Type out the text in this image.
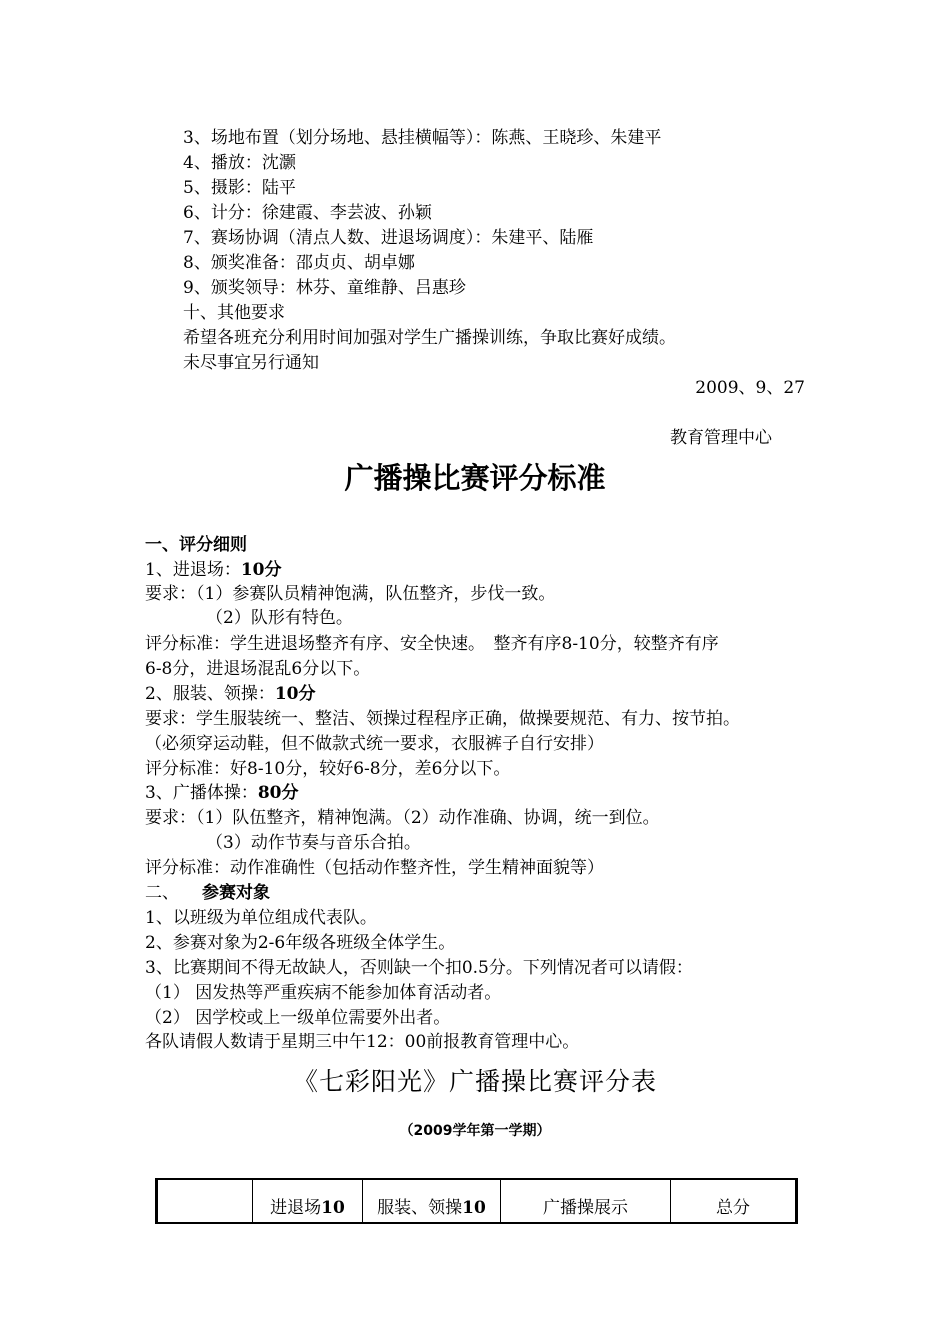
3、场地布置（划分场地、悬挂横幅等）：陈燕、王晓珍、朱建平
4、播放：沈灏
5、摄影：陆平
6、计分：徐建霞、李芸波、孙颖
7、赛场协调（清点人数、进退场调度）：朱建平、陆雁
8、颁奖准备：邵贞贞、胡卓娜
9、颁奖领导：林芬、童维静、吕惠珍
十、其他要求
希望各班充分利用时间加强对学生广播操训练，争取比赛好成绩。
未尽事宜另行通知
2009、9、27
教育管理中心
广播操比赛评分标准
一、评分细则
1、进退场：10分
要求：（1）参赛队员精神饱满，队伍整齐，步伐一致。
（2）队形有特色。
评分标准：学生进退场整齐有序、安全快速。　整齐有序8-10分，较整齐有序
6-8分，进退场混乱6分以下。
2、服装、领操：10分
要求：学生服装统一、整洁、领操过程程序正确，做操要规范、有力、按节拍。
（必须穿运动鞋，但不做款式统一要求，衣服裤子自行安排）
评分标准：好8-10分，较好6-8分，差6分以下。
3、广播体操：80分
要求：（1）队伍整齐，精神饱满。（2）动作准确、协调，统一到位。
（3）动作节奏与音乐合拍。
评分标准：动作准确性（包括动作整齐性，学生精神面貌等）
二、 参赛对象
1、以班级为单位组成代表队。
2、参赛对象为2-6年级各班级全体学生。
3、比赛期间不得无故缺人，否则缺一个扣0.5分。下列情况者可以请假：
（1） 因发热等严重疾病不能参加体育活动者。
（2） 因学校或上一级单位需要外出者。
各队请假人数请于星期三中午12：00前报教育管理中心。
《七彩阳光》广播操比赛评分表
（2009学年第一学期）
	进退场10	服装、领操10	广播操展示	总分
